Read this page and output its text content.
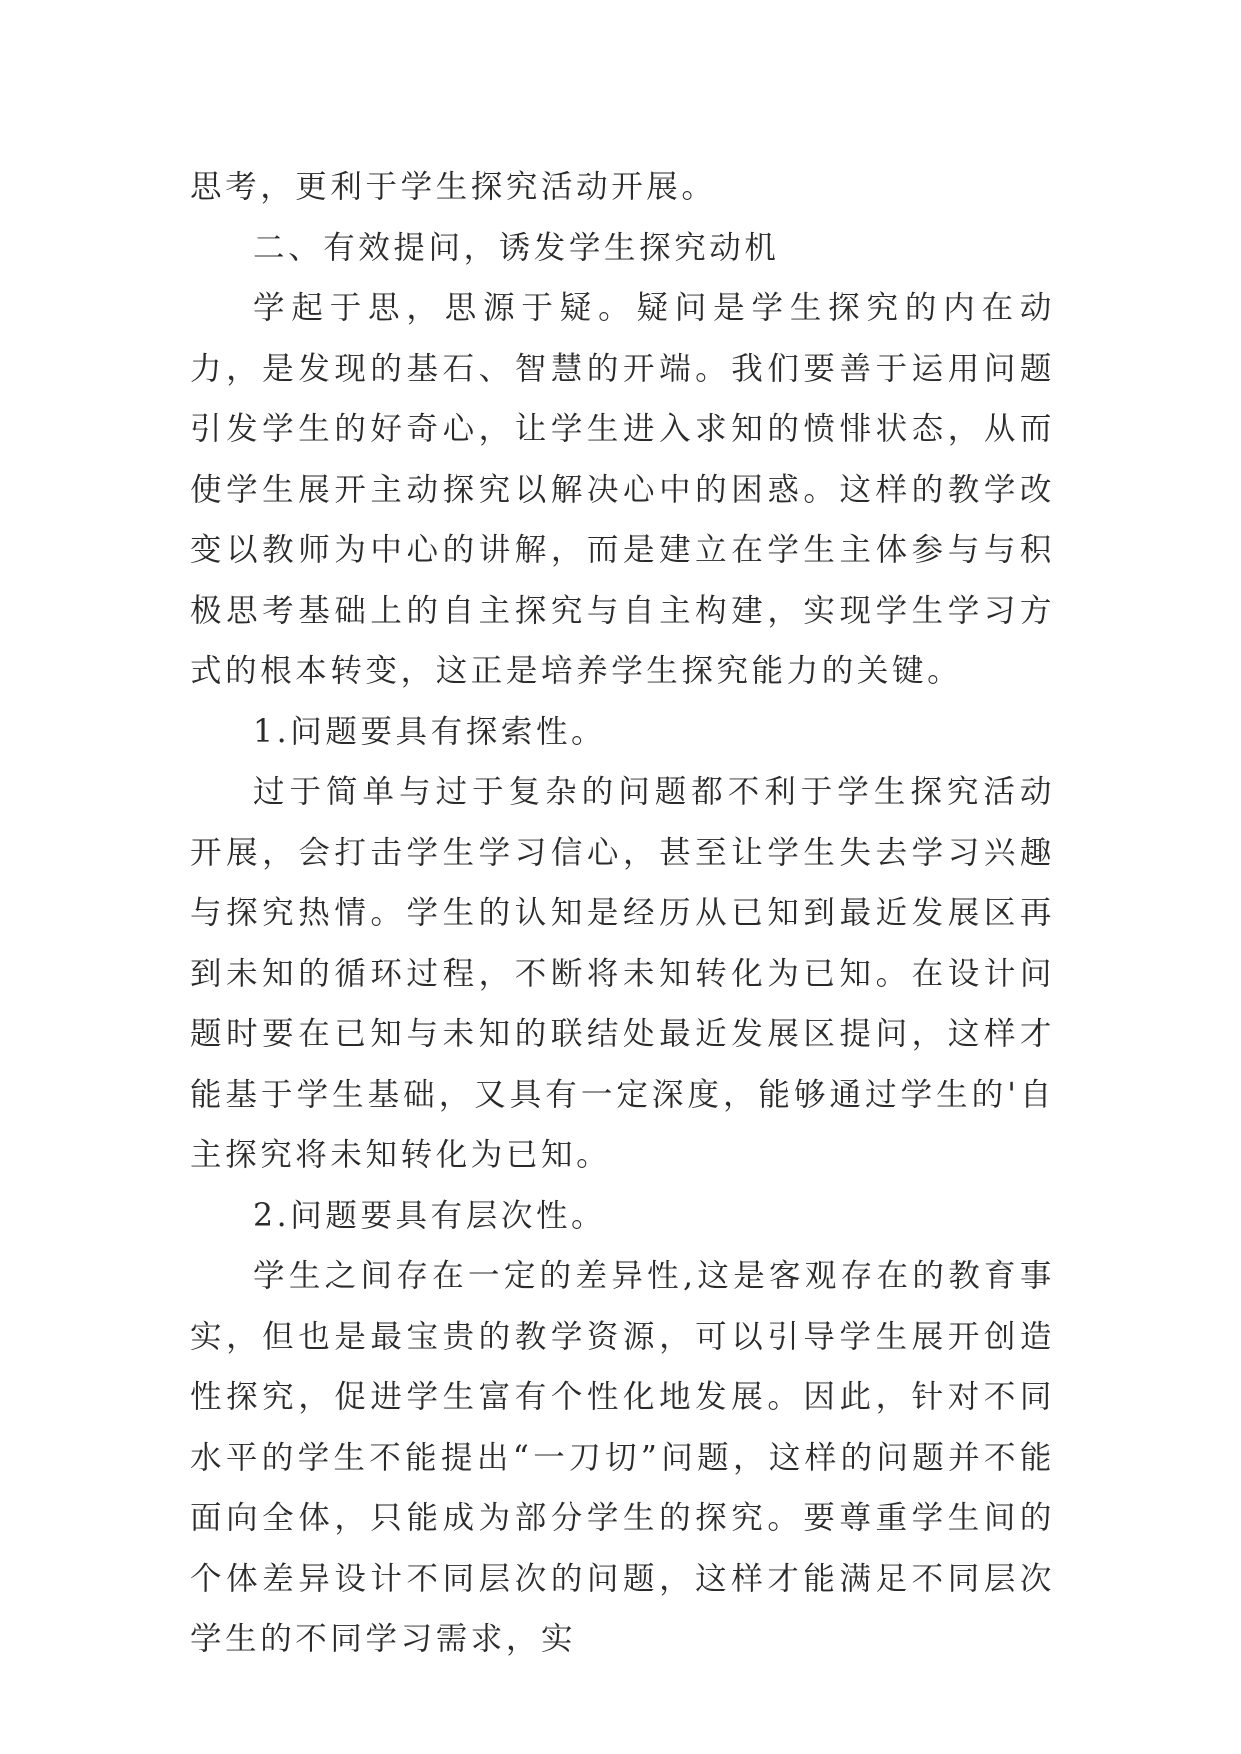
思考，更利于学生探究活动开展。

二、有效提问，诱发学生探究动机

学起于思，思源于疑。疑问是学生探究的内在动力，是发现的基石、智慧的开端。我们要善于运用问题引发学生的好奇心，让学生进入求知的愤悱状态，从而使学生展开主动探究以解决心中的困惑。这样的教学改变以教师为中心的讲解，而是建立在学生主体参与与积极思考基础上的自主探究与自主构建，实现学生学习方式的根本转变，这正是培养学生探究能力的关键。

1.问题要具有探索性。

过于简单与过于复杂的问题都不利于学生探究活动开展，会打击学生学习信心，甚至让学生失去学习兴趣与探究热情。学生的认知是经历从已知到最近发展区再到未知的循环过程，不断将未知转化为已知。在设计问题时要在已知与未知的联结处最近发展区提问，这样才能基于学生基础，又具有一定深度，能够通过学生的'自主探究将未知转化为已知。

2.问题要具有层次性。

学生之间存在一定的差异性,这是客观存在的教育事实，但也是最宝贵的教学资源，可以引导学生展开创造性探究，促进学生富有个性化地发展。因此，针对不同水平的学生不能提出“一刀切”问题，这样的问题并不能面向全体，只能成为部分学生的探究。要尊重学生间的个体差异设计不同层次的问题，这样才能满足不同层次学生的不同学习需求，实
